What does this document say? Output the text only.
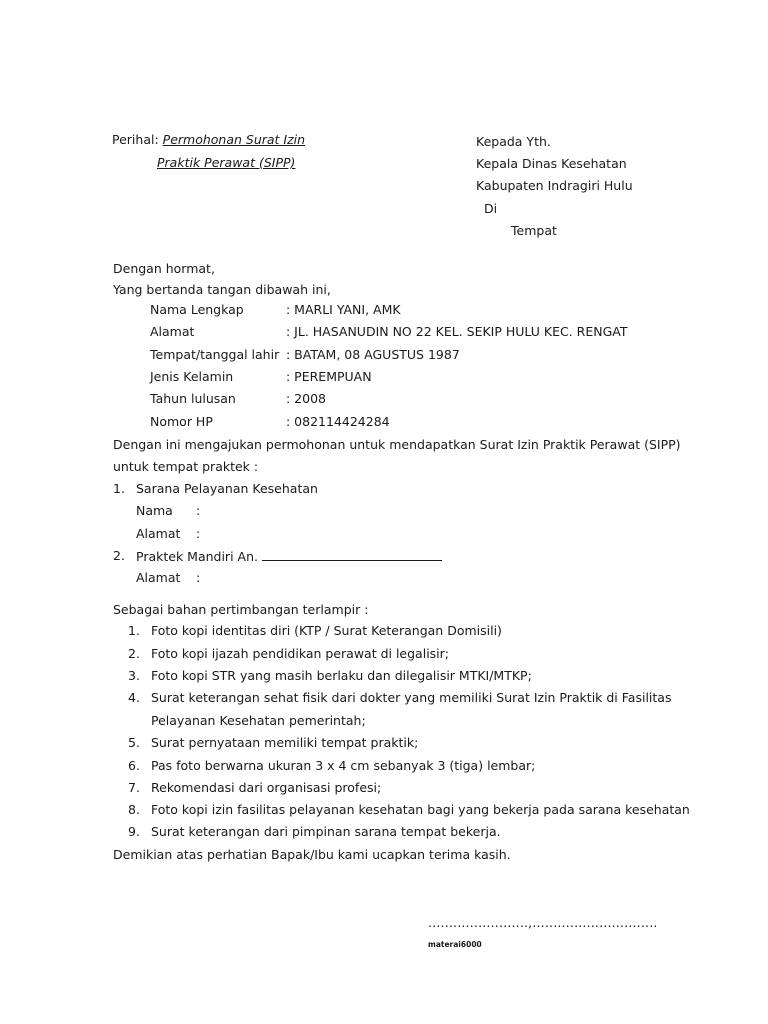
Perihal: Permohonan Surat Izin
Praktik Perawat (SIPP)
Kepada Yth.
Kepala Dinas Kesehatan
Kabupaten Indragiri Hulu
Di
Tempat
Dengan hormat,
Yang bertanda tangan dibawah ini,
Nama Lengkap	: MARLI YANI, AMK
Alamat	: JL. HASANUDIN NO 22 KEL. SEKIP HULU KEC. RENGAT
Tempat/tanggal lahir : BATAM, 08 AGUSTUS 1987
Jenis Kelamin	: PEREMPUAN
Tahun lulusan	: 2008
Nomor HP	: 082114424284
Dengan ini mengajukan permohonan untuk mendapatkan Surat Izin Praktik Perawat (SIPP)
untuk tempat praktek :
1. Sarana Pelayanan Kesehatan
Nama :
Alamat :
2. Praktek Mandiri An.
Alamat :
Sebagai bahan pertimbangan terlampir :
1. Foto kopi identitas diri (KTP / Surat Keterangan Domisili)
2. Foto kopi ijazah pendidikan perawat di legalisir;
3. Foto kopi STR yang masih berlaku dan dilegalisir MTKI/MTKP;
4. Surat keterangan sehat fisik dari dokter yang memiliki Surat Izin Praktik di Fasilitas
Pelayanan Kesehatan pemerintah;
5. Surat pernyataan memiliki tempat praktik;
6. Pas foto berwarna ukuran 3 x 4 cm sebanyak 3 (tiga) lembar;
7. Rekomendasi dari organisasi profesi;
8. Foto kopi izin fasilitas pelayanan kesehatan bagi yang bekerja pada sarana kesehatan
9. Surat keterangan dari pimpinan sarana tempat bekerja.
Demikian atas perhatian Bapak/Ibu kami ucapkan terima kasih.
........................,..............................
materai6000
